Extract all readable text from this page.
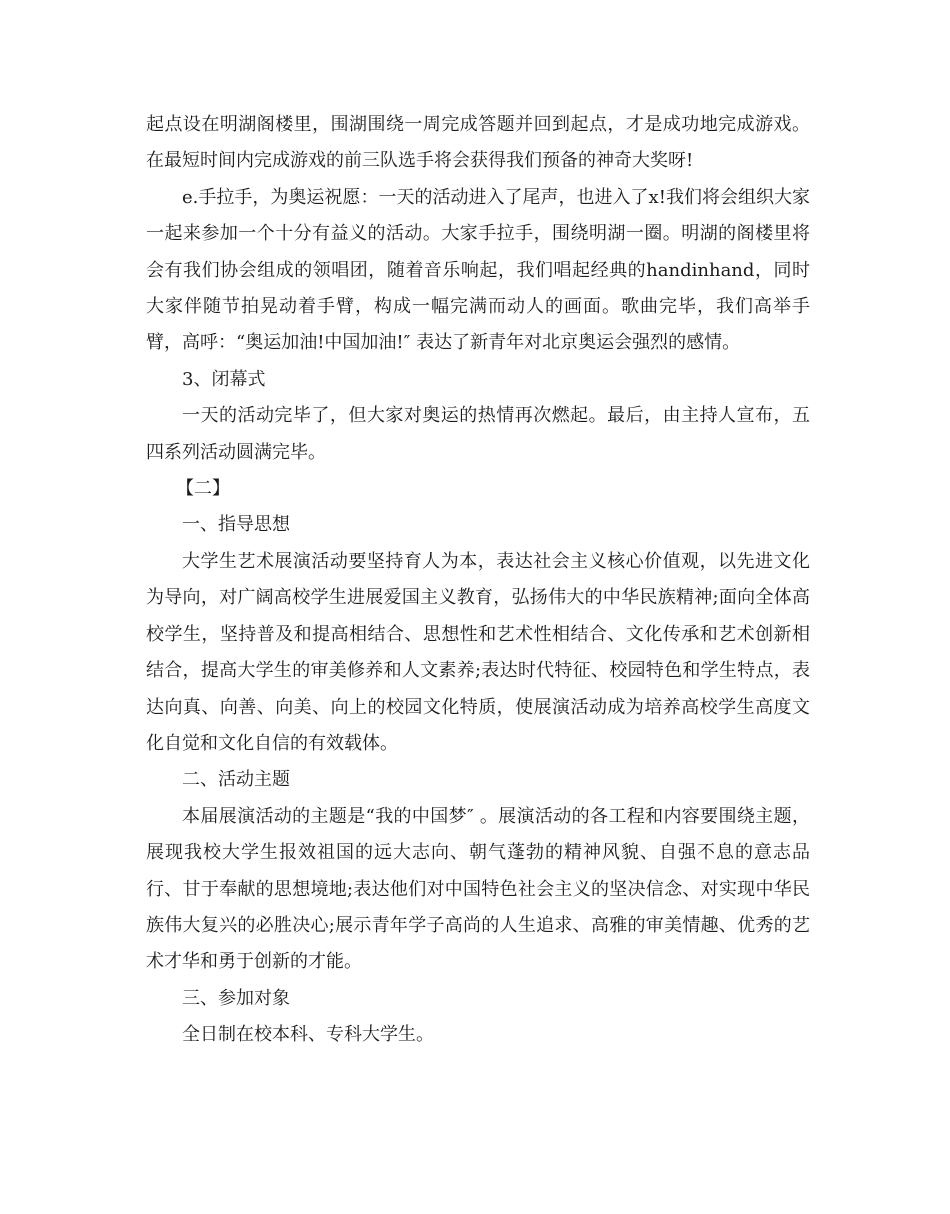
起点设在明湖阁楼里，围湖围绕一周完成答题并回到起点，才是成功地完成游戏。在最短时间内完成游戏的前三队选手将会获得我们预备的神奇大奖呀!

e.手拉手，为奥运祝愿：一天的活动进入了尾声，也进入了x!我们将会组织大家一起来参加一个十分有益义的活动。大家手拉手，围绕明湖一圈。明湖的阁楼里将会有我们协会组成的领唱团，随着音乐响起，我们唱起经典的handinhand，同时大家伴随节拍晃动着手臂，构成一幅完满而动人的画面。歌曲完毕，我们高举手臂，高呼：“奥运加油!中国加油!″ 表达了新青年对北京奥运会强烈的感情。

3、闭幕式

一天的活动完毕了，但大家对奥运的热情再次燃起。最后，由主持人宣布，五四系列活动圆满完毕。

【二】

一、指导思想

大学生艺术展演活动要坚持育人为本，表达社会主义核心价值观，以先进文化为导向，对广阔高校学生进展爱国主义教育，弘扬伟大的中华民族精神;面向全体高校学生，坚持普及和提高相结合、思想性和艺术性相结合、文化传承和艺术创新相结合，提高大学生的审美修养和人文素养;表达时代特征、校园特色和学生特点，表达向真、向善、向美、向上的校园文化特质，使展演活动成为培养高校学生高度文化自觉和文化自信的有效载体。

二、活动主题

本届展演活动的主题是“我的中国梦″ 。展演活动的各工程和内容要围绕主题，展现我校大学生报效祖国的远大志向、朝气蓬勃的精神风貌、自强不息的意志品行、甘于奉献的思想境地;表达他们对中国特色社会主义的坚决信念、对实现中华民族伟大复兴的必胜决心;展示青年学子高尚的人生追求、高雅的审美情趣、优秀的艺术才华和勇于创新的才能。

三、参加对象

全日制在校本科、专科大学生。
